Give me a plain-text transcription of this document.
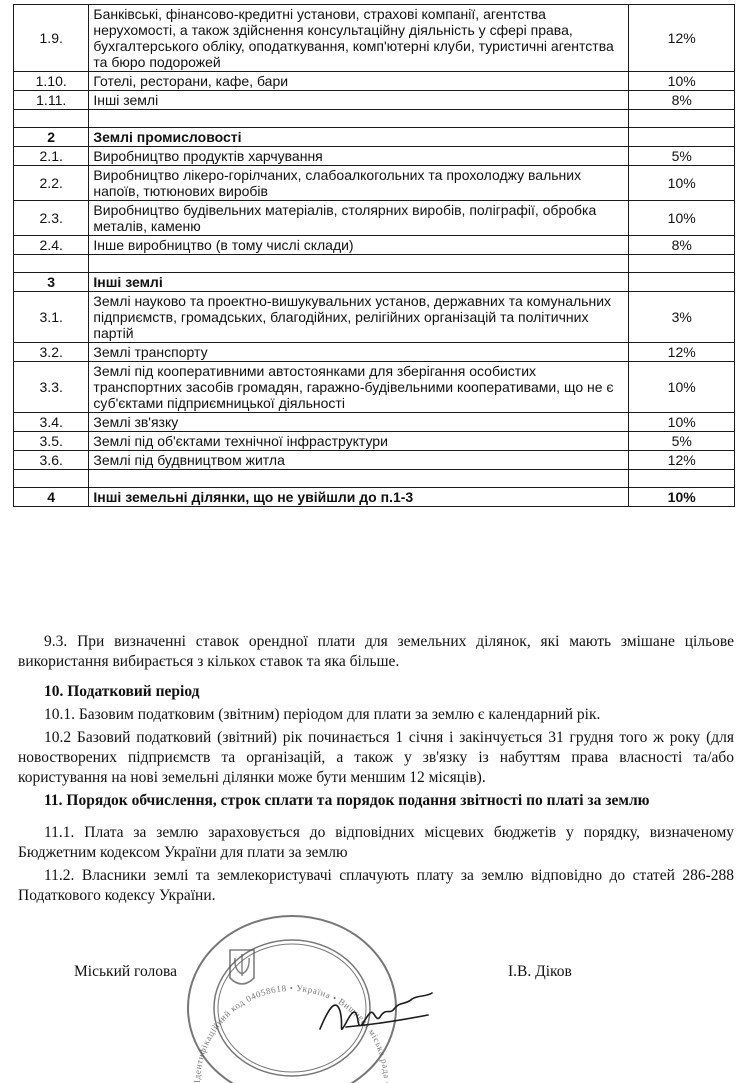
1.9.	Банківські, фінансово-кредитні установи, страхові компанії, агентства нерухомості, а також здійснення консультаційну діяльність у сфері права, бухгалтерського обліку, оподаткування, комп'ютерні клуби, туристичні агентства та бюро подорожей	12%
1.10.	Готелі, ресторани, кафе, бари	10%
1.11.	Інші землі	8%

2	Землі промисловості	
2.1.	Виробництво продуктів харчування	5%
2.2.	Виробництво лікеро-горілчаних, слабоалкогольних та прохолоджу вальних напоїв, тютюнових виробів	10%
2.3.	Виробництво будівельних матеріалів, столярних виробів, поліграфії, обробка металів, каменю	10%
2.4.	Інше виробництво (в тому числі склади)	8%

3	Інші землі	
3.1.	Землі науково та проектно-вишукувальних установ, державних та комунальних підприємств, громадських, благодійних, релігійних організацій та політичних партій	3%
3.2.	Землі транспорту	12%
3.3.	Землі під кооперативними автостоянками для зберігання особистих транспортних засобів громадян, гаражно-будівельними кооперативами, що не є суб'єктами підприємницької діяльності	10%
3.4.	Землі зв'язку	10%
3.5.	Землі під об'єктами технічної інфраструктури	5%
3.6.	Землі під будвництвом житла	12%

4	Інші земельні ділянки, що не увійшли до п.1-3	10%

9.3. При визначенні ставок орендної плати для земельних ділянок, які мають змішане цільове використання вибирається з кількох ставок та яка більше.

10. Податковий період

10.1. Базовим податковим (звітним) періодом для плати за землю є календарний рік.

10.2 Базовий податковий (звітний) рік починається 1 січня і закінчується 31 грудня того ж року (для новостворених підприємств та організацій, а також у зв'язку із набуттям права власності та/або користування на нові земельні ділянки може бути меншим 12 місяців).

11. Порядок обчислення, строк сплати та порядок подання звітності по платі за землю

11.1. Плата за землю зараховується до відповідних місцевих бюджетів у порядку, визначеному Бюджетним кодексом України для плати за землю

11.2. Власники землі та землекористувачі сплачують плату за землю відповідно до статей 286-288 Податкового кодексу України.

Міський голова	І.В. Діков
Ідентифікаційний код 04058618 • Україна • Вишнева міська рада
